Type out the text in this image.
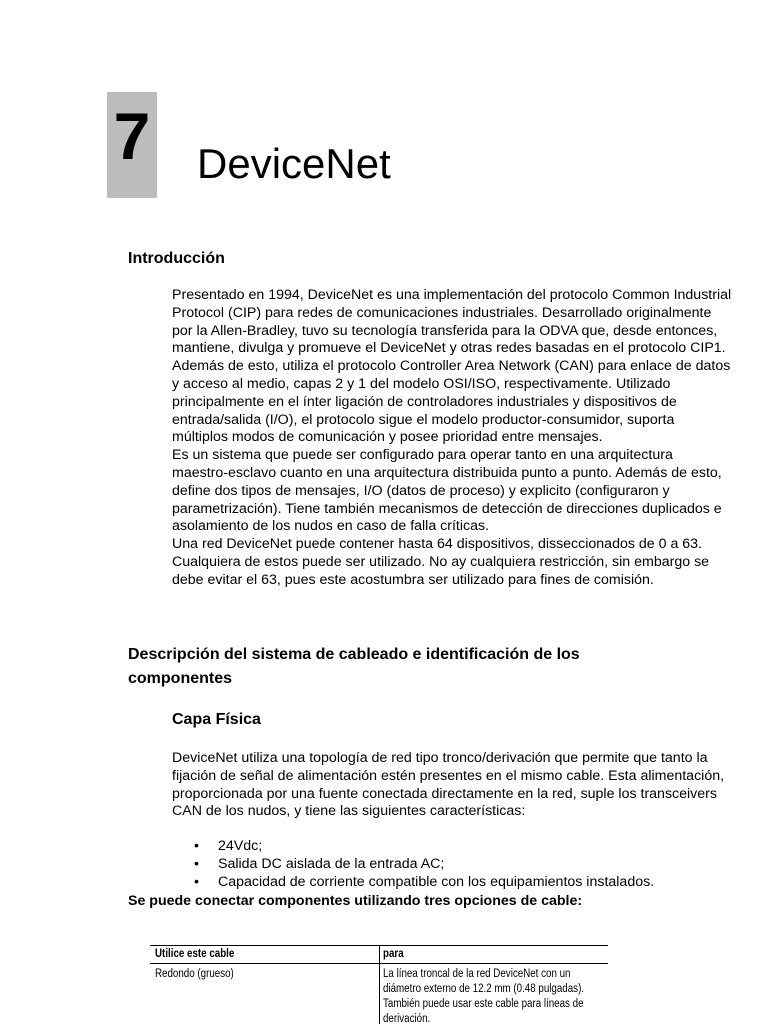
7 DeviceNet
Introducción

Presentado en 1994, DeviceNet es una implementación del protocolo Common Industrial Protocol (CIP) para redes de comunicaciones industriales. Desarrollado originalmente por la Allen-Bradley, tuvo su tecnología transferida para la ODVA que, desde entonces, mantiene, divulga y promueve el DeviceNet y otras redes basadas en el protocolo CIP1. Además de esto, utiliza el protocolo Controller Area Network (CAN) para enlace de datos y acceso al medio, capas 2 y 1 del modelo OSI/ISO, respectivamente. Utilizado principalmente en el ínter ligación de controladores industriales y dispositivos de entrada/salida (I/O), el protocolo sigue el modelo productor-consumidor, suporta múltiplos modos de comunicación y posee prioridad entre mensajes.

Es un sistema que puede ser configurado para operar tanto en una arquitectura maestro-esclavo cuanto en una arquitectura distribuida punto a punto. Además de esto, define dos tipos de mensajes, I/O (datos de proceso) y explicito (configuraron y parametrización). Tiene también mecanismos de detección de direcciones duplicados e asolamiento de los nudos en caso de falla críticas.

Una red DeviceNet puede contener hasta 64 dispositivos, disseccionados de 0 a 63. Cualquiera de estos puede ser utilizado. No ay cualquiera restricción, sin embargo se debe evitar el 63, pues este acostumbra ser utilizado para fines de comisión.

Descripción del sistema de cableado e identificación de los componentes
Capa Física

DeviceNet utiliza una topología de red tipo tronco/derivación que permite que tanto la fijación de señal de alimentación estén presentes en el mismo cable. Esta alimentación, proporcionada por una fuente conectada directamente en la red, suple los transceivers CAN de los nudos, y tiene las siguientes características:

• 24Vdc;
• Salida DC aislada de la entrada AC;
• Capacidad de corriente compatible con los equipamientos instalados.
Se puede conectar componentes utilizando tres opciones de cable:
Utilice este cable	para
Redondo (grueso)	La línea troncal de la red DeviceNet con un diámetro externo de 12.2 mm (0.48 pulgadas). También puede usar este cable para líneas de derivación.
